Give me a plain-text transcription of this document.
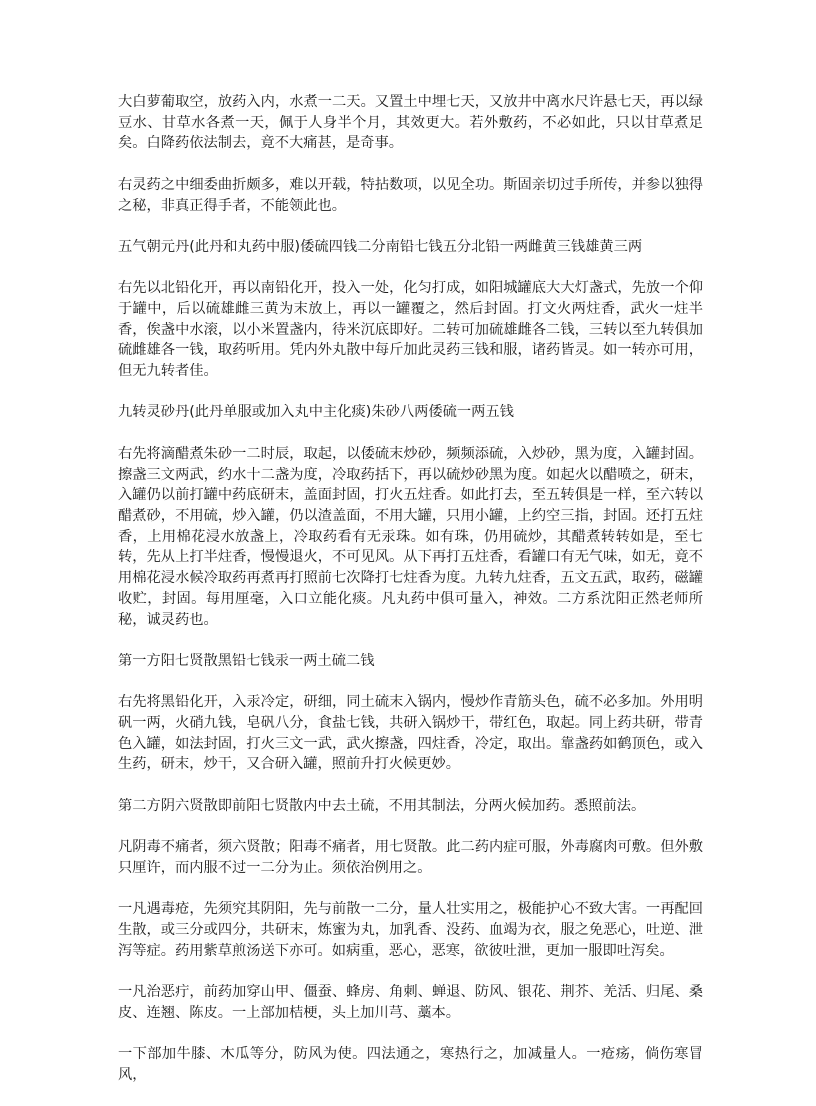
大白萝葡取空，放药入内，水煮一二天。又置土中埋七天，又放井中离水尺许悬七天，再以绿豆水、甘草水各煮一天，佩于人身半个月，其效更大。若外敷药，不必如此，只以甘草煮足矣。白降药依法制去，竟不大痛甚，是奇事。

右灵药之中细委曲折颇多，难以开载，特拈数项，以见全功。斯固亲切过手所传，并参以独得之秘，非真正得手者，不能领此也。

五气朝元丹(此丹和丸药中服)倭硫四钱二分南铅七钱五分北铅一两雌黄三钱雄黄三两

右先以北铅化开，再以南铅化开，投入一处，化匀打成，如阳城罐底大大灯盏式，先放一个仰于罐中，后以硫雄雌三黄为末放上，再以一罐覆之，然后封固。打文火两炷香，武火一炷半香，俟盏中水滚，以小米置盏内，待米沉底即好。二转可加硫雄雌各二钱，三转以至九转俱加硫雌雄各一钱，取药听用。凭内外丸散中每斤加此灵药三钱和服，诸药皆灵。如一转亦可用，但无九转者佳。

九转灵砂丹(此丹单服或加入丸中主化痰)朱砂八两倭硫一两五钱

右先将滴醋煮朱砂一二时辰，取起，以倭硫末炒砂，频频添硫，入炒砂，黑为度，入罐封固。擦盏三文两武，约水十二盏为度，冷取药括下，再以硫炒砂黑为度。如起火以醋喷之，研末，入罐仍以前打罐中药底研末，盖面封固，打火五炷香。如此打去，至五转俱是一样，至六转以醋煮砂，不用硫，炒入罐，仍以渣盖面，不用大罐，只用小罐，上约空三指，封固。还打五炷香，上用棉花浸水放盏上，冷取药看有无汞珠。如有珠，仍用硫炒，其醋煮转转如是，至七转，先从上打半炷香，慢慢退火，不可见风。从下再打五炷香，看罐口有无气味，如无，竟不用棉花浸水候冷取药再煮再打照前七次降打七炷香为度。九转九炷香，五文五武，取药，磁罐收贮，封固。每用厘毫，入口立能化痰。凡丸药中俱可量入，神效。二方系沈阳正然老师所秘，诚灵药也。

第一方阳七贤散黑铅七钱汞一两土硫二钱

右先将黑铅化开，入汞冷定，研细，同土硫末入锅内，慢炒作青筋头色，硫不必多加。外用明矾一两，火硝九钱，皂矾八分，食盐七钱，共研入锅炒干，带红色，取起。同上药共研，带青色入罐，如法封固，打火三文一武，武火擦盏，四炷香，冷定，取出。靠盏药如鹤顶色，或入生药，研末，炒干，又合研入罐，照前升打火候更妙。

第二方阴六贤散即前阳七贤散内中去土硫，不用其制法，分两火候加药。悉照前法。

凡阴毒不痛者，须六贤散；阳毒不痛者，用七贤散。此二药内症可服，外毒腐肉可敷。但外敷只厘许，而内服不过一二分为止。须依治例用之。

一凡遇毒疮，先须究其阴阳，先与前散一二分，量人壮实用之，极能护心不致大害。一再配回生散，或三分或四分，共研末，炼蜜为丸，加乳香、没药、血竭为衣，服之免恶心，吐逆、泄泻等症。药用紫草煎汤送下亦可。如病重，恶心，恶寒，欲彼吐泄，更加一服即吐泻矣。

一凡治恶疔，前药加穿山甲、僵蚕、蜂房、角刺、蝉退、防风、银花、荆芥、羌活、归尾、桑皮、连翘、陈皮。一上部加桔梗，头上加川芎、藁本。

一下部加牛膝、木瓜等分，防风为使。四法通之，寒热行之，加减量人。一疮疡，倘伤寒冒风，
